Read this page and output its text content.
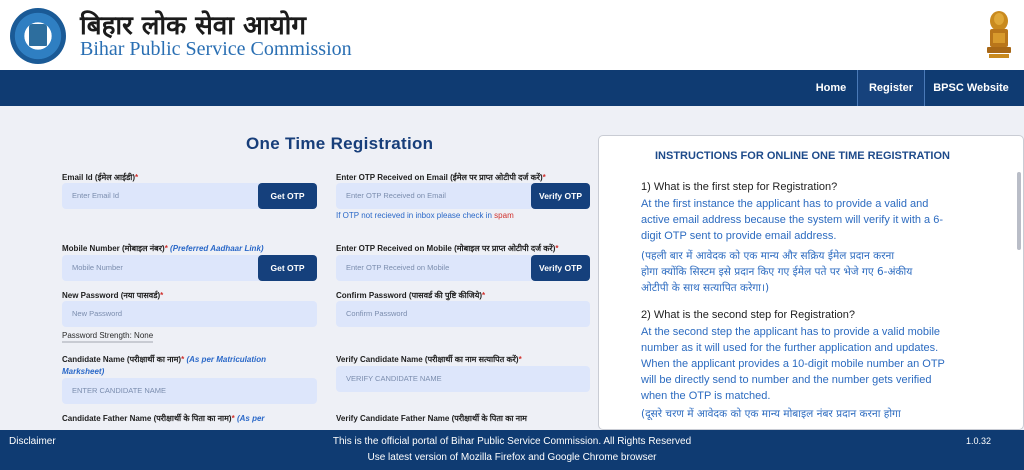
बिहार लोक सेवा आयोग
Bihar Public Service Commission
Home	Register	BPSC Website
One Time Registration
Email Id (ईमेल आईडी)*
Enter Email Id	Get OTP
Enter OTP Received on Email (ईमेल पर प्राप्त ओटीपी दर्ज करें)*
Enter OTP Received on Email	Verify OTP
If OTP not recieved in inbox please check in spam
Mobile Number (मोबाइल नंबर)* (Preferred Aadhaar Link)
Mobile Number	Get OTP
Enter OTP Received on Mobile (मोबाइल पर प्राप्त ओटीपी दर्ज करें)*
Enter OTP Received on Mobile	Verify OTP
New Password (नया पासवर्ड)*
New Password
Password Strength: None
Confirm Password (पासवर्ड की पुष्टि कीजिये)*
Confirm Password
Candidate Name (परीक्षार्थी का नाम)* (As per Matriculation
Marksheet)
ENTER CANDIDATE NAME
Verify Candidate Name (परीक्षार्थी का नाम सत्यापित करें)*
VERIFY CANDIDATE NAME
Candidate Father Name (परीक्षार्थी के पिता का नाम)* (As per	Verify Candidate Father Name (परीक्षार्थी के पिता का नाम
INSTRUCTIONS FOR ONLINE ONE TIME REGISTRATION
1) What is the first step for Registration?
At the first instance the applicant has to provide a valid and
active email address because the system will verify it with a 6-
digit OTP sent to provide email address.
(पहली बार में आवेदक को एक मान्य और सक्रिय ईमेल प्रदान करना
होगा क्योंकि सिस्टम इसे प्रदान किए गए ईमेल पते पर भेजे गए 6-अंकीय
ओटीपी के साथ सत्यापित करेगा।)
2) What is the second step for Registration?
At the second step the applicant has to provide a valid mobile
number as it will used for the further application and updates.
When the applicant provides a 10-digit mobile number an OTP
will be directly send to number and the number gets verified
when the OTP is matched.
(दूसरे चरण में आवेदक को एक मान्य मोबाइल नंबर प्रदान करना होगा
Disclaimer	This is the official portal of Bihar Public Service Commission. All Rights Reserved
Use latest version of Mozilla Firefox and Google Chrome browser
1.0.32
